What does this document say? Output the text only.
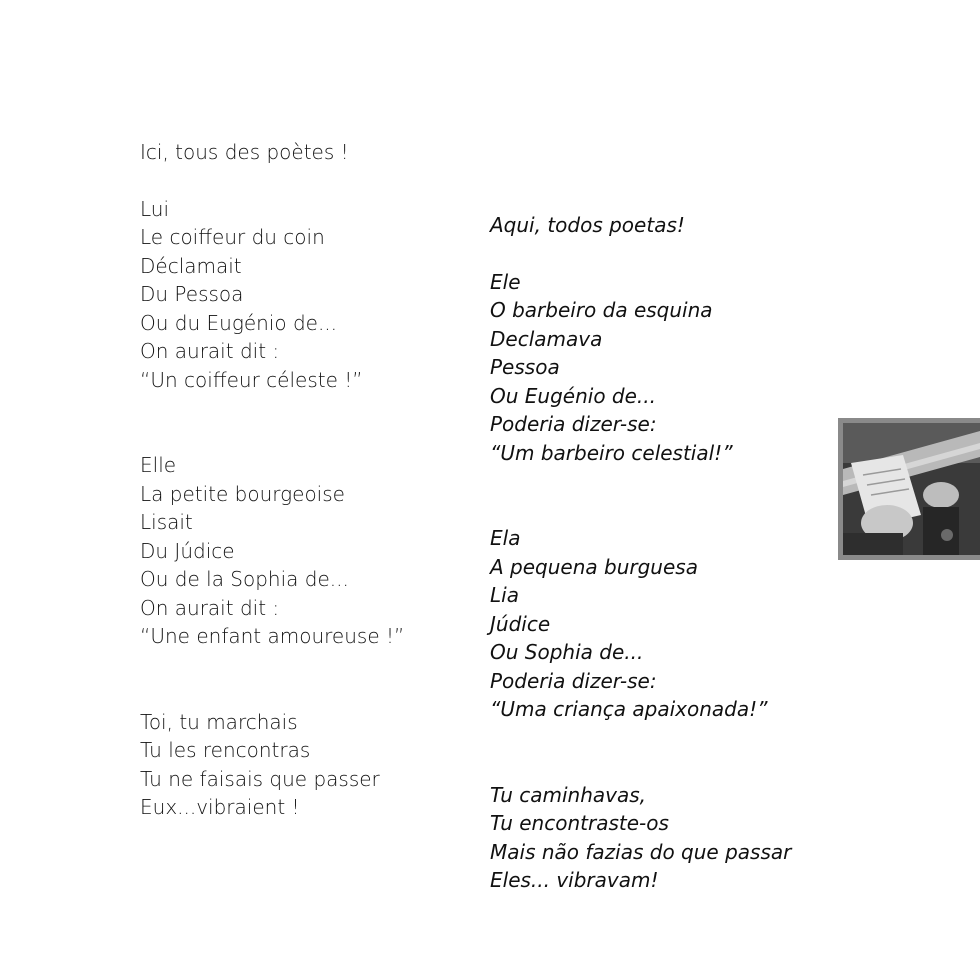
Ici, tous des poètes !
Lui
Le coiffeur du coin
Déclamait
Du Pessoa
Ou du Eugénio de...
On aurait dit :
“Un coiffeur céleste !”
Elle
La petite bourgeoise
Lisait
Du Júdice
Ou de la Sophia de...
On aurait dit :
“Une enfant amoureuse !”
Toi, tu marchais
Tu les rencontras
Tu ne faisais que passer
Eux...vibraient !
Aqui, todos poetas!
Ele
O barbeiro da esquina
Declamava
Pessoa
Ou Eugénio de...
Poderia dizer-se:
“Um barbeiro celestial!”
Ela
A pequena burguesa
Lia
Júdice
Ou Sophia de...
Poderia dizer-se:
“Uma criança apaixonada!”
Tu caminhavas,
Tu encontraste-os
Mais não fazias do que passar
Eles... vibravam!
